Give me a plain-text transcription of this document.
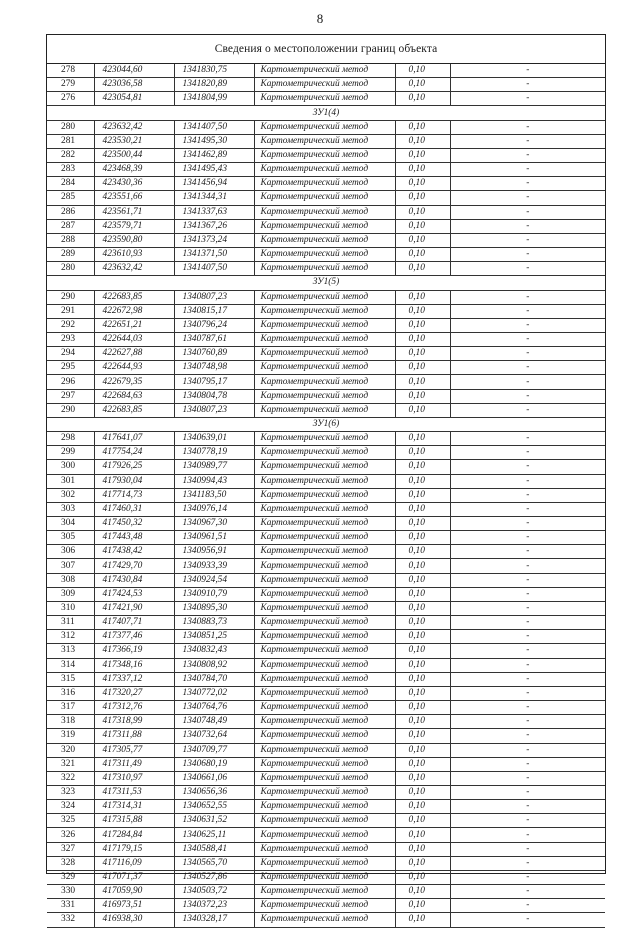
8
Сведения о местоположении границ объекта
278	423044,60	1341830,75	Картометрический метод	0,10	-
279	423036,58	1341820,89	Картометрический метод	0,10	-
276	423054,81	1341804,99	Картометрический метод	0,10	-
ЗУ1(4)					
280	423632,42	1341407,50	Картометрический метод	0,10	-
281	423530,21	1341495,30	Картометрический метод	0,10	-
282	423500,44	1341462,89	Картометрический метод	0,10	-
283	423468,39	1341495,43	Картометрический метод	0,10	-
284	423430,36	1341456,94	Картометрический метод	0,10	-
285	423551,66	1341344,31	Картометрический метод	0,10	-
286	423561,71	1341337,63	Картометрический метод	0,10	-
287	423579,71	1341367,26	Картометрический метод	0,10	-
288	423590,80	1341373,24	Картометрический метод	0,10	-
289	423610,93	1341371,50	Картометрический метод	0,10	-
280	423632,42	1341407,50	Картометрический метод	0,10	-
ЗУ1(5)					
290	422683,85	1340807,23	Картометрический метод	0,10	-
291	422672,98	1340815,17	Картометрический метод	0,10	-
292	422651,21	1340796,24	Картометрический метод	0,10	-
293	422644,03	1340787,61	Картометрический метод	0,10	-
294	422627,88	1340760,89	Картометрический метод	0,10	-
295	422644,93	1340748,98	Картометрический метод	0,10	-
296	422679,35	1340795,17	Картометрический метод	0,10	-
297	422684,63	1340804,78	Картометрический метод	0,10	-
290	422683,85	1340807,23	Картометрический метод	0,10	-
ЗУ1(6)					
298	417641,07	1340639,01	Картометрический метод	0,10	-
299	417754,24	1340778,19	Картометрический метод	0,10	-
300	417926,25	1340989,77	Картометрический метод	0,10	-
301	417930,04	1340994,43	Картометрический метод	0,10	-
302	417714,73	1341183,50	Картометрический метод	0,10	-
303	417460,31	1340976,14	Картометрический метод	0,10	-
304	417450,32	1340967,30	Картометрический метод	0,10	-
305	417443,48	1340961,51	Картометрический метод	0,10	-
306	417438,42	1340956,91	Картометрический метод	0,10	-
307	417429,70	1340933,39	Картометрический метод	0,10	-
308	417430,84	1340924,54	Картометрический метод	0,10	-
309	417424,53	1340910,79	Картометрический метод	0,10	-
310	417421,90	1340895,30	Картометрический метод	0,10	-
311	417407,71	1340883,73	Картометрический метод	0,10	-
312	417377,46	1340851,25	Картометрический метод	0,10	-
313	417366,19	1340832,43	Картометрический метод	0,10	-
314	417348,16	1340808,92	Картометрический метод	0,10	-
315	417337,12	1340784,70	Картометрический метод	0,10	-
316	417320,27	1340772,02	Картометрический метод	0,10	-
317	417312,76	1340764,76	Картометрический метод	0,10	-
318	417318,99	1340748,49	Картометрический метод	0,10	-
319	417311,88	1340732,64	Картометрический метод	0,10	-
320	417305,77	1340709,77	Картометрический метод	0,10	-
321	417311,49	1340680,19	Картометрический метод	0,10	-
322	417310,97	1340661,06	Картометрический метод	0,10	-
323	417311,53	1340656,36	Картометрический метод	0,10	-
324	417314,31	1340652,55	Картометрический метод	0,10	-
325	417315,88	1340631,52	Картометрический метод	0,10	-
326	417284,84	1340625,11	Картометрический метод	0,10	-
327	417179,15	1340588,41	Картометрический метод	0,10	-
328	417116,09	1340565,70	Картометрический метод	0,10	-
329	417071,37	1340527,86	Картометрический метод	0,10	-
330	417059,90	1340503,72	Картометрический метод	0,10	-
331	416973,51	1340372,23	Картометрический метод	0,10	-
332	416938,30	1340328,17	Картометрический метод	0,10	-
